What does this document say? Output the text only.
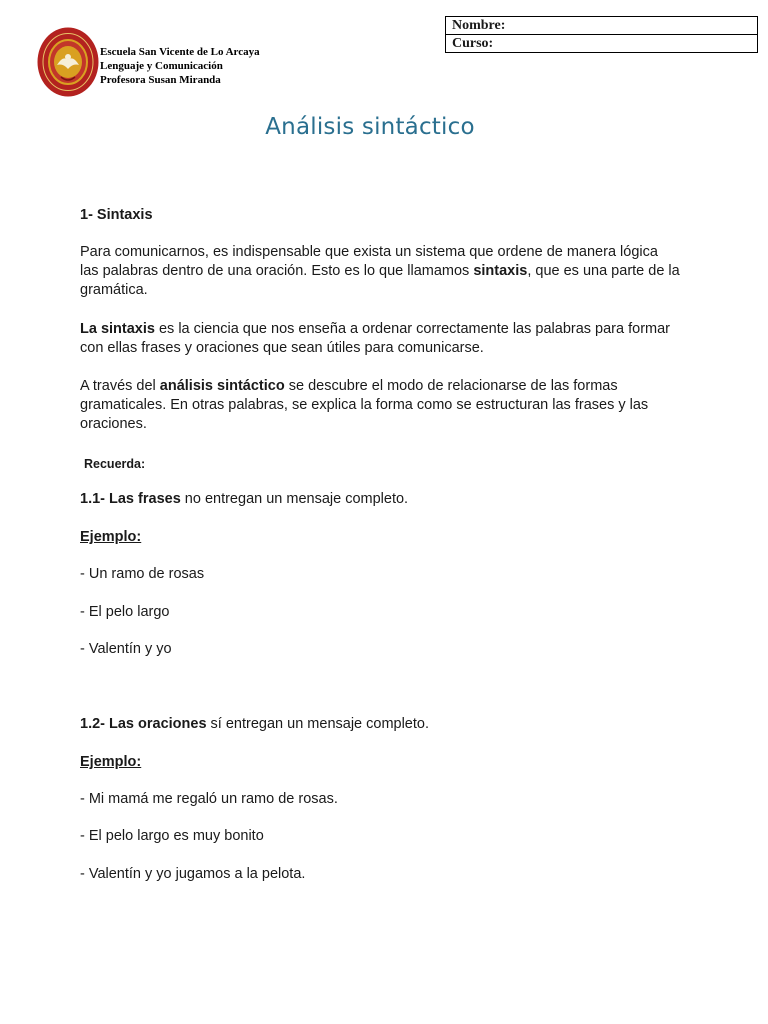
Nombre:
Curso:
Escuela San Vicente de Lo Arcaya
Lenguaje y Comunicación
Profesora Susan Miranda
Análisis sintáctico

1- Sintaxis

Para comunicarnos, es indispensable que exista un sistema que ordene de manera lógica las palabras dentro de una oración. Esto es lo que llamamos sintaxis, que es una parte de la gramática.

La sintaxis es la ciencia que nos enseña a ordenar correctamente las palabras para formar con ellas frases y oraciones que sean útiles para comunicarse.

A través del análisis sintáctico se descubre el modo de relacionarse de las formas gramaticales. En otras palabras, se explica la forma como se estructuran las frases y las oraciones.

Recuerda:

1.1- Las frases no entregan un mensaje completo.

Ejemplo:

- Un ramo de rosas

- El pelo largo

- Valentín y yo

1.2- Las oraciones sí entregan un mensaje completo.

Ejemplo:

- Mi mamá me regaló un ramo de rosas.

- El pelo largo es muy bonito

- Valentín y yo jugamos a la pelota.
